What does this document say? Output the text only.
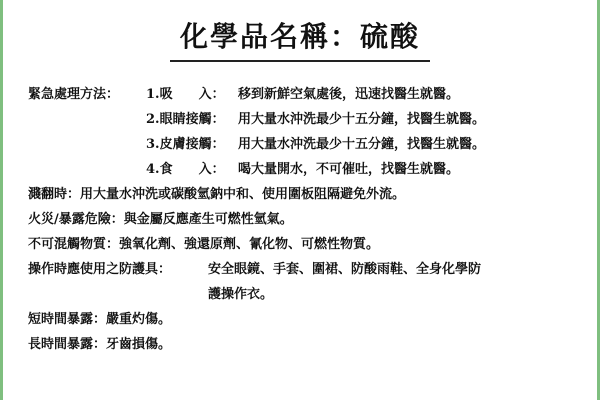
化學品名稱：硫酸
緊急處理方法：	1.吸　　入：	移到新鮮空氣處後，迅速找醫生就醫。
2.眼睛接觸：	用大量水沖洗最少十五分鐘，找醫生就醫。
3.皮膚接觸：	用大量水沖洗最少十五分鐘，找醫生就醫。
4.食　　入：	喝大量開水，不可催吐，找醫生就醫。
濺翻時： 用大量水沖洗或碳酸氫鈉中和、使用圍板阻隔避免外流。
火災/暴露危險： 與金屬反應產生可燃性氫氣。
不可混觸物質： 強氧化劑、強還原劑、氰化物、可燃性物質。
操作時應使用之防護具：	安全眼鏡、手套、圍裙、防酸雨鞋、全身化學防
護操作衣。
短時間暴露： 嚴重灼傷。
長時間暴露： 牙齒損傷。
